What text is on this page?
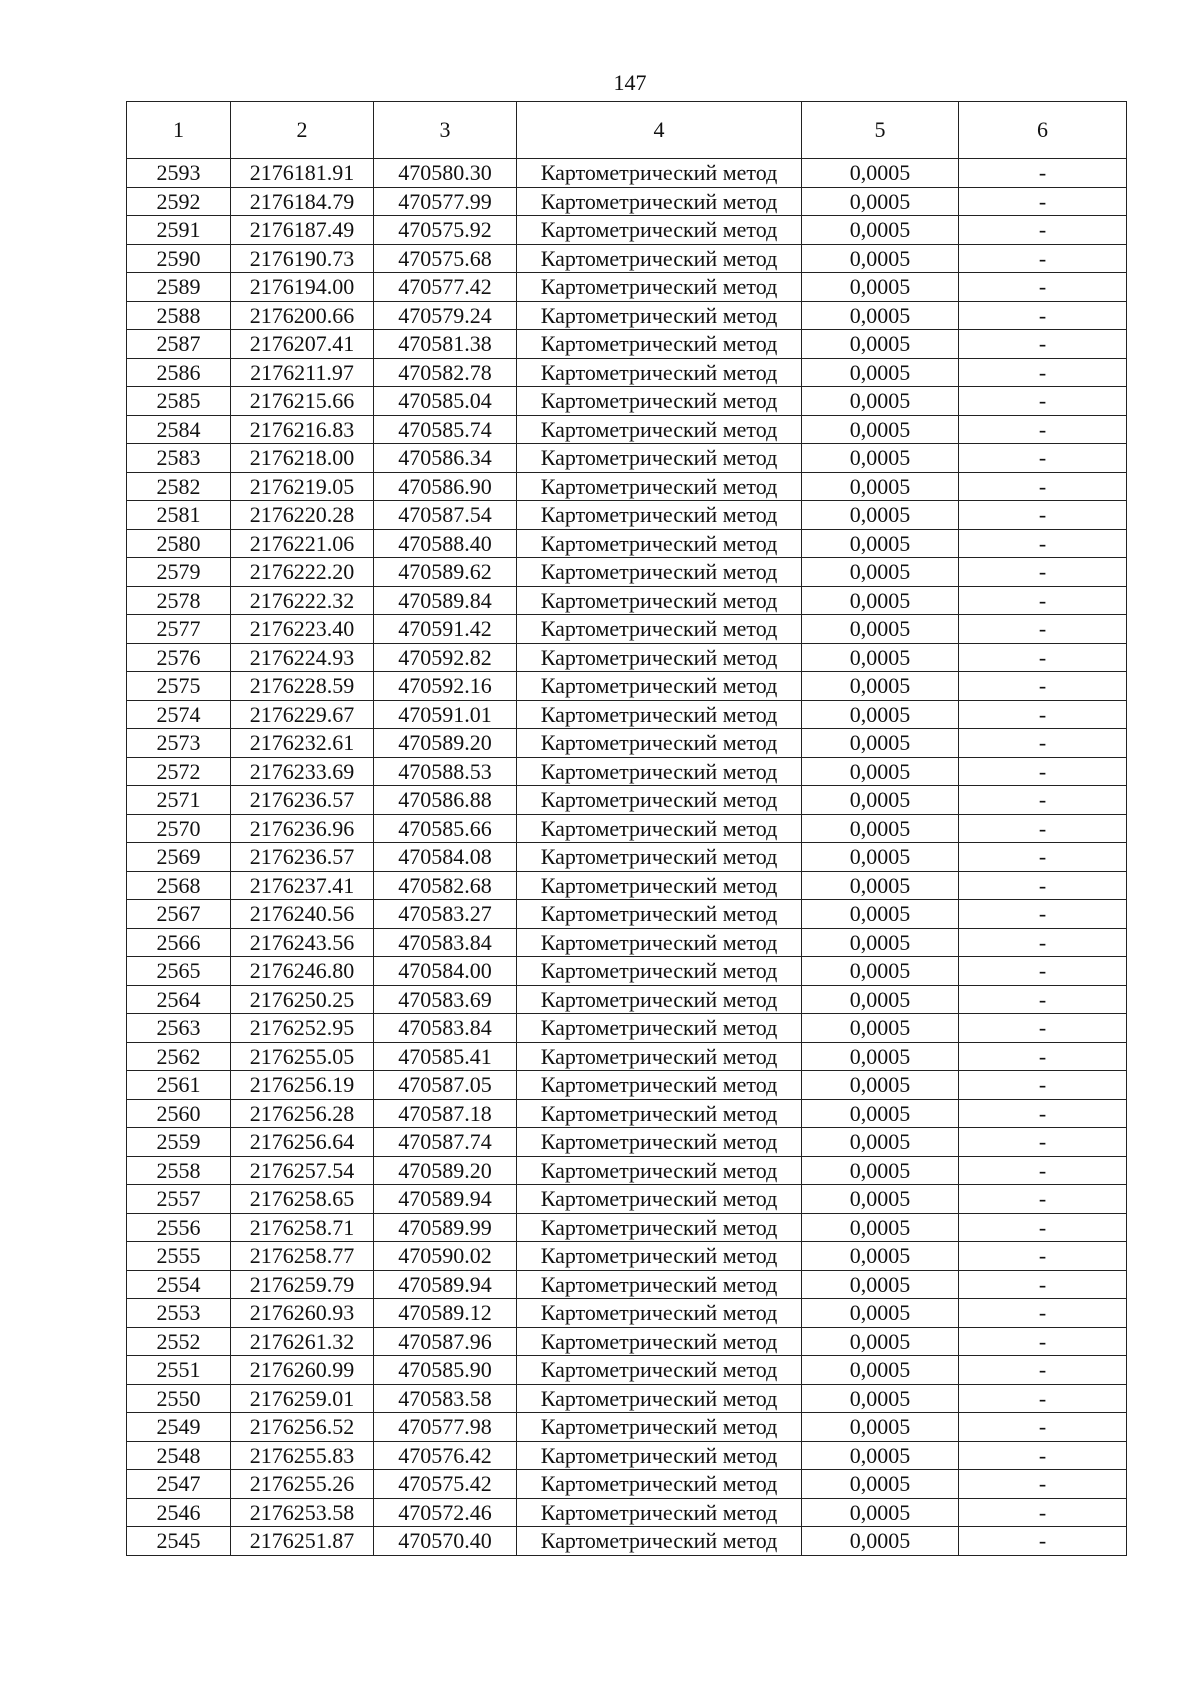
147
1	2	3	4	5	6
2593	2176181.91	470580.30	Картометрический метод	0,0005	-
2592	2176184.79	470577.99	Картометрический метод	0,0005	-
2591	2176187.49	470575.92	Картометрический метод	0,0005	-
2590	2176190.73	470575.68	Картометрический метод	0,0005	-
2589	2176194.00	470577.42	Картометрический метод	0,0005	-
2588	2176200.66	470579.24	Картометрический метод	0,0005	-
2587	2176207.41	470581.38	Картометрический метод	0,0005	-
2586	2176211.97	470582.78	Картометрический метод	0,0005	-
2585	2176215.66	470585.04	Картометрический метод	0,0005	-
2584	2176216.83	470585.74	Картометрический метод	0,0005	-
2583	2176218.00	470586.34	Картометрический метод	0,0005	-
2582	2176219.05	470586.90	Картометрический метод	0,0005	-
2581	2176220.28	470587.54	Картометрический метод	0,0005	-
2580	2176221.06	470588.40	Картометрический метод	0,0005	-
2579	2176222.20	470589.62	Картометрический метод	0,0005	-
2578	2176222.32	470589.84	Картометрический метод	0,0005	-
2577	2176223.40	470591.42	Картометрический метод	0,0005	-
2576	2176224.93	470592.82	Картометрический метод	0,0005	-
2575	2176228.59	470592.16	Картометрический метод	0,0005	-
2574	2176229.67	470591.01	Картометрический метод	0,0005	-
2573	2176232.61	470589.20	Картометрический метод	0,0005	-
2572	2176233.69	470588.53	Картометрический метод	0,0005	-
2571	2176236.57	470586.88	Картометрический метод	0,0005	-
2570	2176236.96	470585.66	Картометрический метод	0,0005	-
2569	2176236.57	470584.08	Картометрический метод	0,0005	-
2568	2176237.41	470582.68	Картометрический метод	0,0005	-
2567	2176240.56	470583.27	Картометрический метод	0,0005	-
2566	2176243.56	470583.84	Картометрический метод	0,0005	-
2565	2176246.80	470584.00	Картометрический метод	0,0005	-
2564	2176250.25	470583.69	Картометрический метод	0,0005	-
2563	2176252.95	470583.84	Картометрический метод	0,0005	-
2562	2176255.05	470585.41	Картометрический метод	0,0005	-
2561	2176256.19	470587.05	Картометрический метод	0,0005	-
2560	2176256.28	470587.18	Картометрический метод	0,0005	-
2559	2176256.64	470587.74	Картометрический метод	0,0005	-
2558	2176257.54	470589.20	Картометрический метод	0,0005	-
2557	2176258.65	470589.94	Картометрический метод	0,0005	-
2556	2176258.71	470589.99	Картометрический метод	0,0005	-
2555	2176258.77	470590.02	Картометрический метод	0,0005	-
2554	2176259.79	470589.94	Картометрический метод	0,0005	-
2553	2176260.93	470589.12	Картометрический метод	0,0005	-
2552	2176261.32	470587.96	Картометрический метод	0,0005	-
2551	2176260.99	470585.90	Картометрический метод	0,0005	-
2550	2176259.01	470583.58	Картометрический метод	0,0005	-
2549	2176256.52	470577.98	Картометрический метод	0,0005	-
2548	2176255.83	470576.42	Картометрический метод	0,0005	-
2547	2176255.26	470575.42	Картометрический метод	0,0005	-
2546	2176253.58	470572.46	Картометрический метод	0,0005	-
2545	2176251.87	470570.40	Картометрический метод	0,0005	-
